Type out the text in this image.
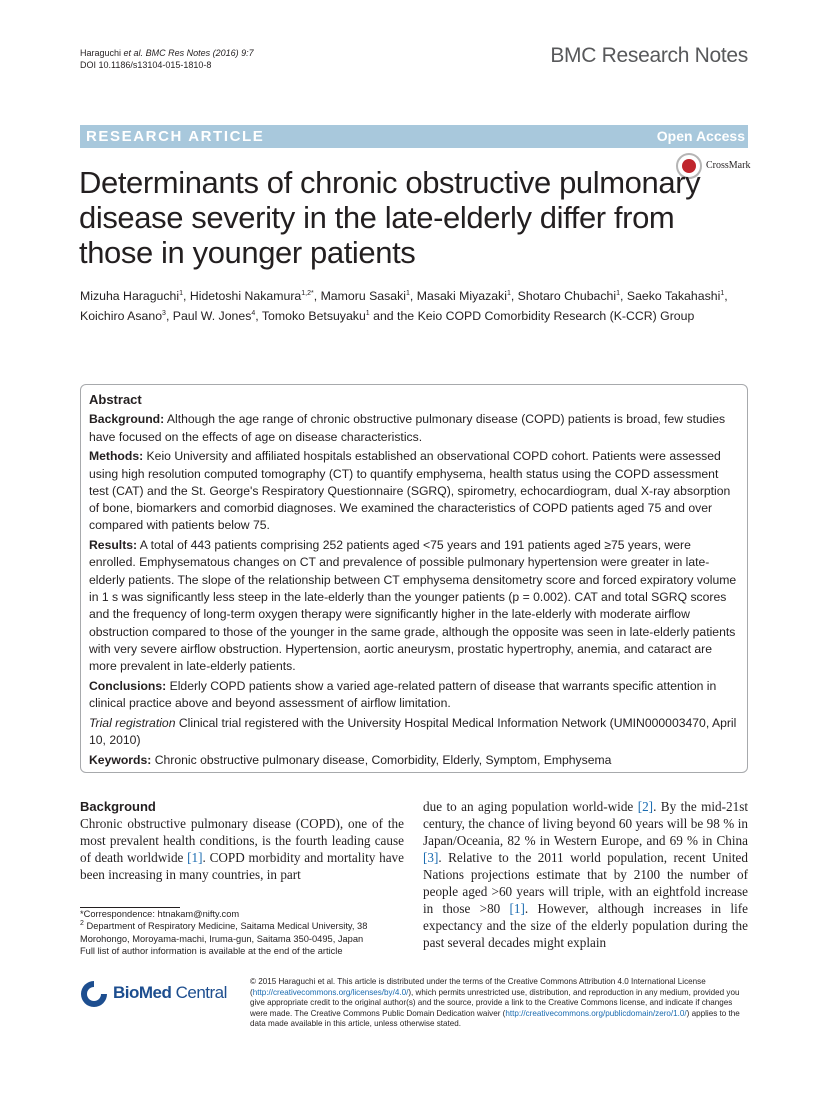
Haraguchi et al. BMC Res Notes (2016) 9:7
DOI 10.1186/s13104-015-1810-8	BMC Research Notes
RESEARCH ARTICLE	Open Access
CrossMark
Determinants of chronic obstructive pulmonary disease severity in the late-elderly differ from those in younger patients
Mizuha Haraguchi$^1$, Hidetoshi Nakamura$^{1,2*}$, Mamoru Sasaki$^1$, Masaki Miyazaki$^1$, Shotaro Chubachi$^1$, Saeko Takahashi$^1$, Koichiro Asano$^3$, Paul W. Jones$^4$, Tomoko Betsuyaku$^1$ and the Keio COPD Comorbidity Research (K-CCR) Group
Abstract

Background: Although the age range of chronic obstructive pulmonary disease (COPD) patients is broad, few studies have focused on the effects of age on disease characteristics.

Methods: Keio University and affiliated hospitals established an observational COPD cohort. Patients were assessed using high resolution computed tomography (CT) to quantify emphysema, health status using the COPD assessment test (CAT) and the St. George's Respiratory Questionnaire (SGRQ), spirometry, echocardiogram, dual X-ray absorption of bone, biomarkers and comorbid diagnoses. We examined the characteristics of COPD patients aged 75 and over compared with patients below 75.

Results: A total of 443 patients comprising 252 patients aged <75 years and 191 patients aged ≥75 years, were enrolled. Emphysematous changes on CT and prevalence of possible pulmonary hypertension were greater in late-elderly patients. The slope of the relationship between CT emphysema densitometry score and forced expiratory volume in 1 s was significantly less steep in the late-elderly than the younger patients (p = 0.002). CAT and total SGRQ scores and the frequency of long-term oxygen therapy were significantly higher in the late-elderly with moderate airflow obstruction compared to those of the younger in the same grade, although the opposite was seen in late-elderly patients with very severe airflow obstruction. Hypertension, aortic aneurysm, prostatic hypertrophy, anemia, and cataract are more prevalent in late-elderly patients.

Conclusions: Elderly COPD patients show a varied age-related pattern of disease that warrants specific attention in clinical practice above and beyond assessment of airflow limitation.

Trial registration Clinical trial registered with the University Hospital Medical Information Network (UMIN000003470, April 10, 2010)

Keywords: Chronic obstructive pulmonary disease, Comorbidity, Elderly, Symptom, Emphysema

Background
Chronic obstructive pulmonary disease (COPD), one of the most prevalent health conditions, is the fourth leading cause of death worldwide [1]. COPD morbidity and mortality have been increasing in many countries, in part
due to an aging population world-wide [2]. By the mid-21st century, the chance of living beyond 60 years will be 98 % in Japan/Oceania, 82 % in Western Europe, and 69 % in China [3]. Relative to the 2011 world population, recent United Nations projections estimate that by 2100 the number of people aged >60 years will triple, with an eightfold increase in those >80 [1]. However, although increases in life expectancy and the size of the elderly population during the past several decades might explain
*Correspondence: htnakam@nifty.com
$^2$ Department of Respiratory Medicine, Saitama Medical University, 38 Morohongo, Moroyama-machi, Iruma-gun, Saitama 350-0495, Japan
Full list of author information is available at the end of the article
BioMed Central
© 2015 Haraguchi et al. This article is distributed under the terms of the Creative Commons Attribution 4.0 International License (http://creativecommons.org/licenses/by/4.0/), which permits unrestricted use, distribution, and reproduction in any medium, provided you give appropriate credit to the original author(s) and the source, provide a link to the Creative Commons license, and indicate if changes were made. The Creative Commons Public Domain Dedication waiver (http://creativecommons.org/publicdomain/zero/1.0/) applies to the data made available in this article, unless otherwise stated.
